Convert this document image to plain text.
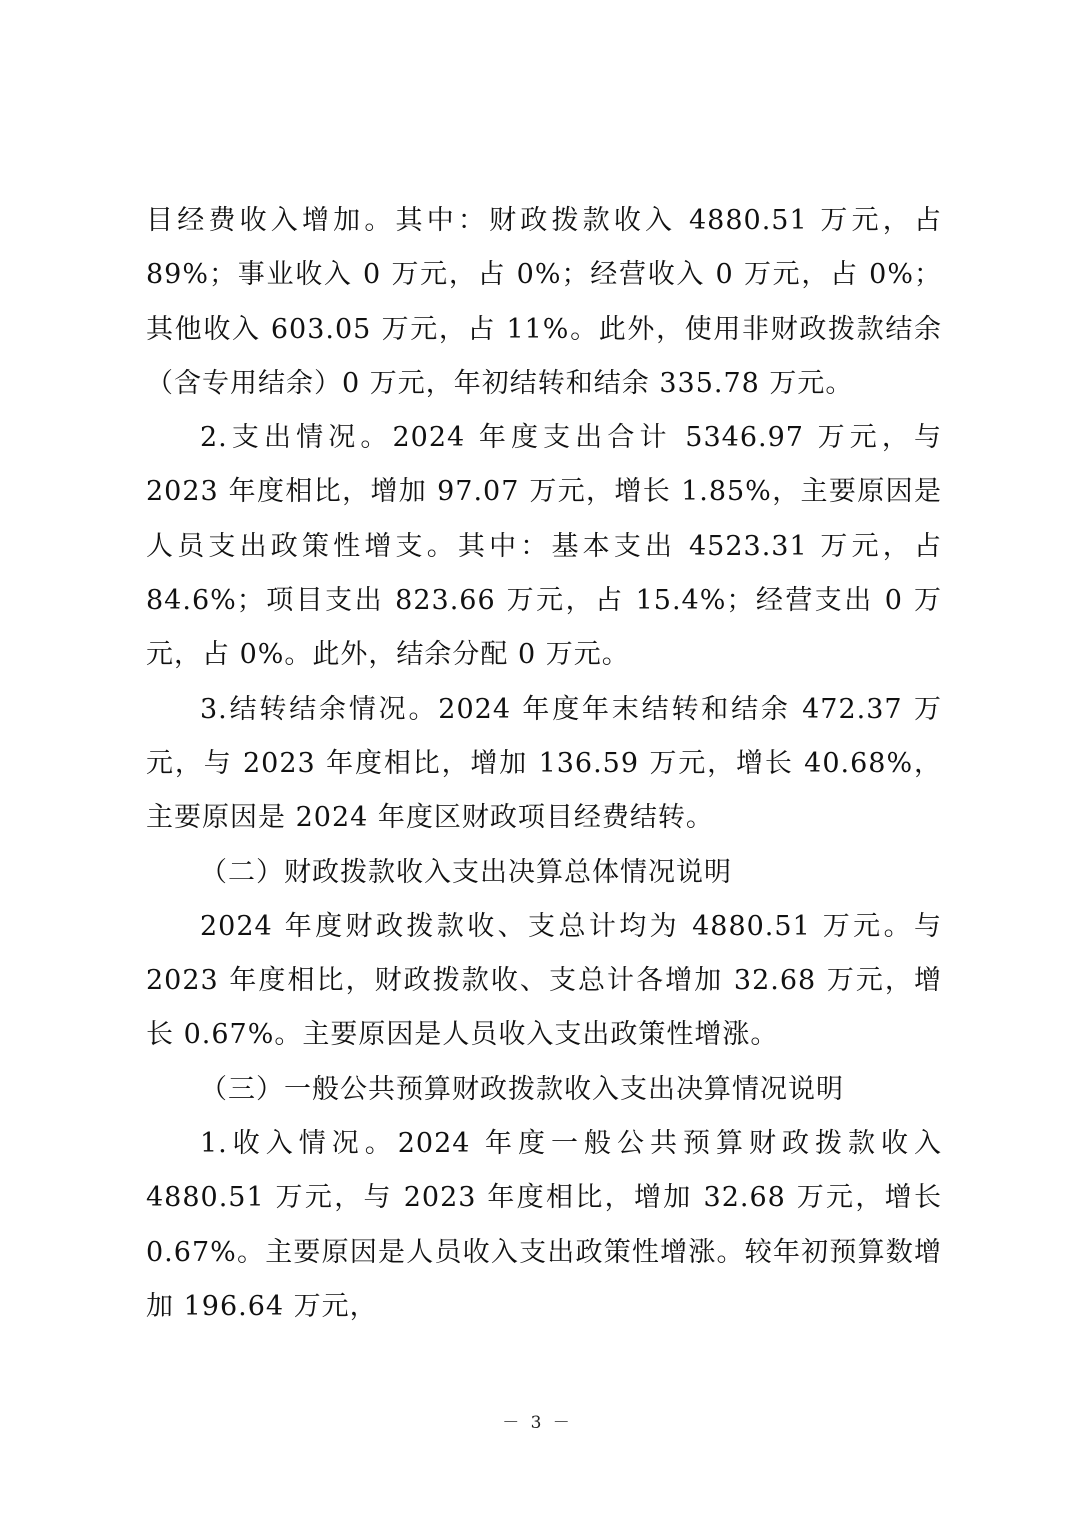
目经费收入增加。其中：财政拨款收入 4880.51 万元，占 89%；事业收入 0 万元，占 0%；经营收入 0 万元，占 0%；其他收入 603.05 万元，占 11%。此外，使用非财政拨款结余（含专用结余）0 万元，年初结转和结余 335.78 万元。

2.支出情况。2024 年度支出合计 5346.97 万元，与 2023 年度相比，增加 97.07 万元，增长 1.85%，主要原因是人员支出政策性增支。其中：基本支出 4523.31 万元，占 84.6%；项目支出 823.66 万元，占 15.4%；经营支出 0 万元，占 0%。此外，结余分配 0 万元。

3.结转结余情况。2024 年度年末结转和结余 472.37 万元，与 2023 年度相比，增加 136.59 万元，增长 40.68%，主要原因是 2024 年度区财政项目经费结转。

（二）财政拨款收入支出决算总体情况说明

2024 年度财政拨款收、支总计均为 4880.51 万元。与 2023 年度相比，财政拨款收、支总计各增加 32.68 万元，增长 0.67%。主要原因是人员收入支出政策性增涨。

（三）一般公共预算财政拨款收入支出决算情况说明

1.收入情况。2024 年度一般公共预算财政拨款收入 4880.51 万元，与 2023 年度相比，增加 32.68 万元，增长 0.67%。主要原因是人员收入支出政策性增涨。较年初预算数增加 196.64 万元，

－ 3 －
